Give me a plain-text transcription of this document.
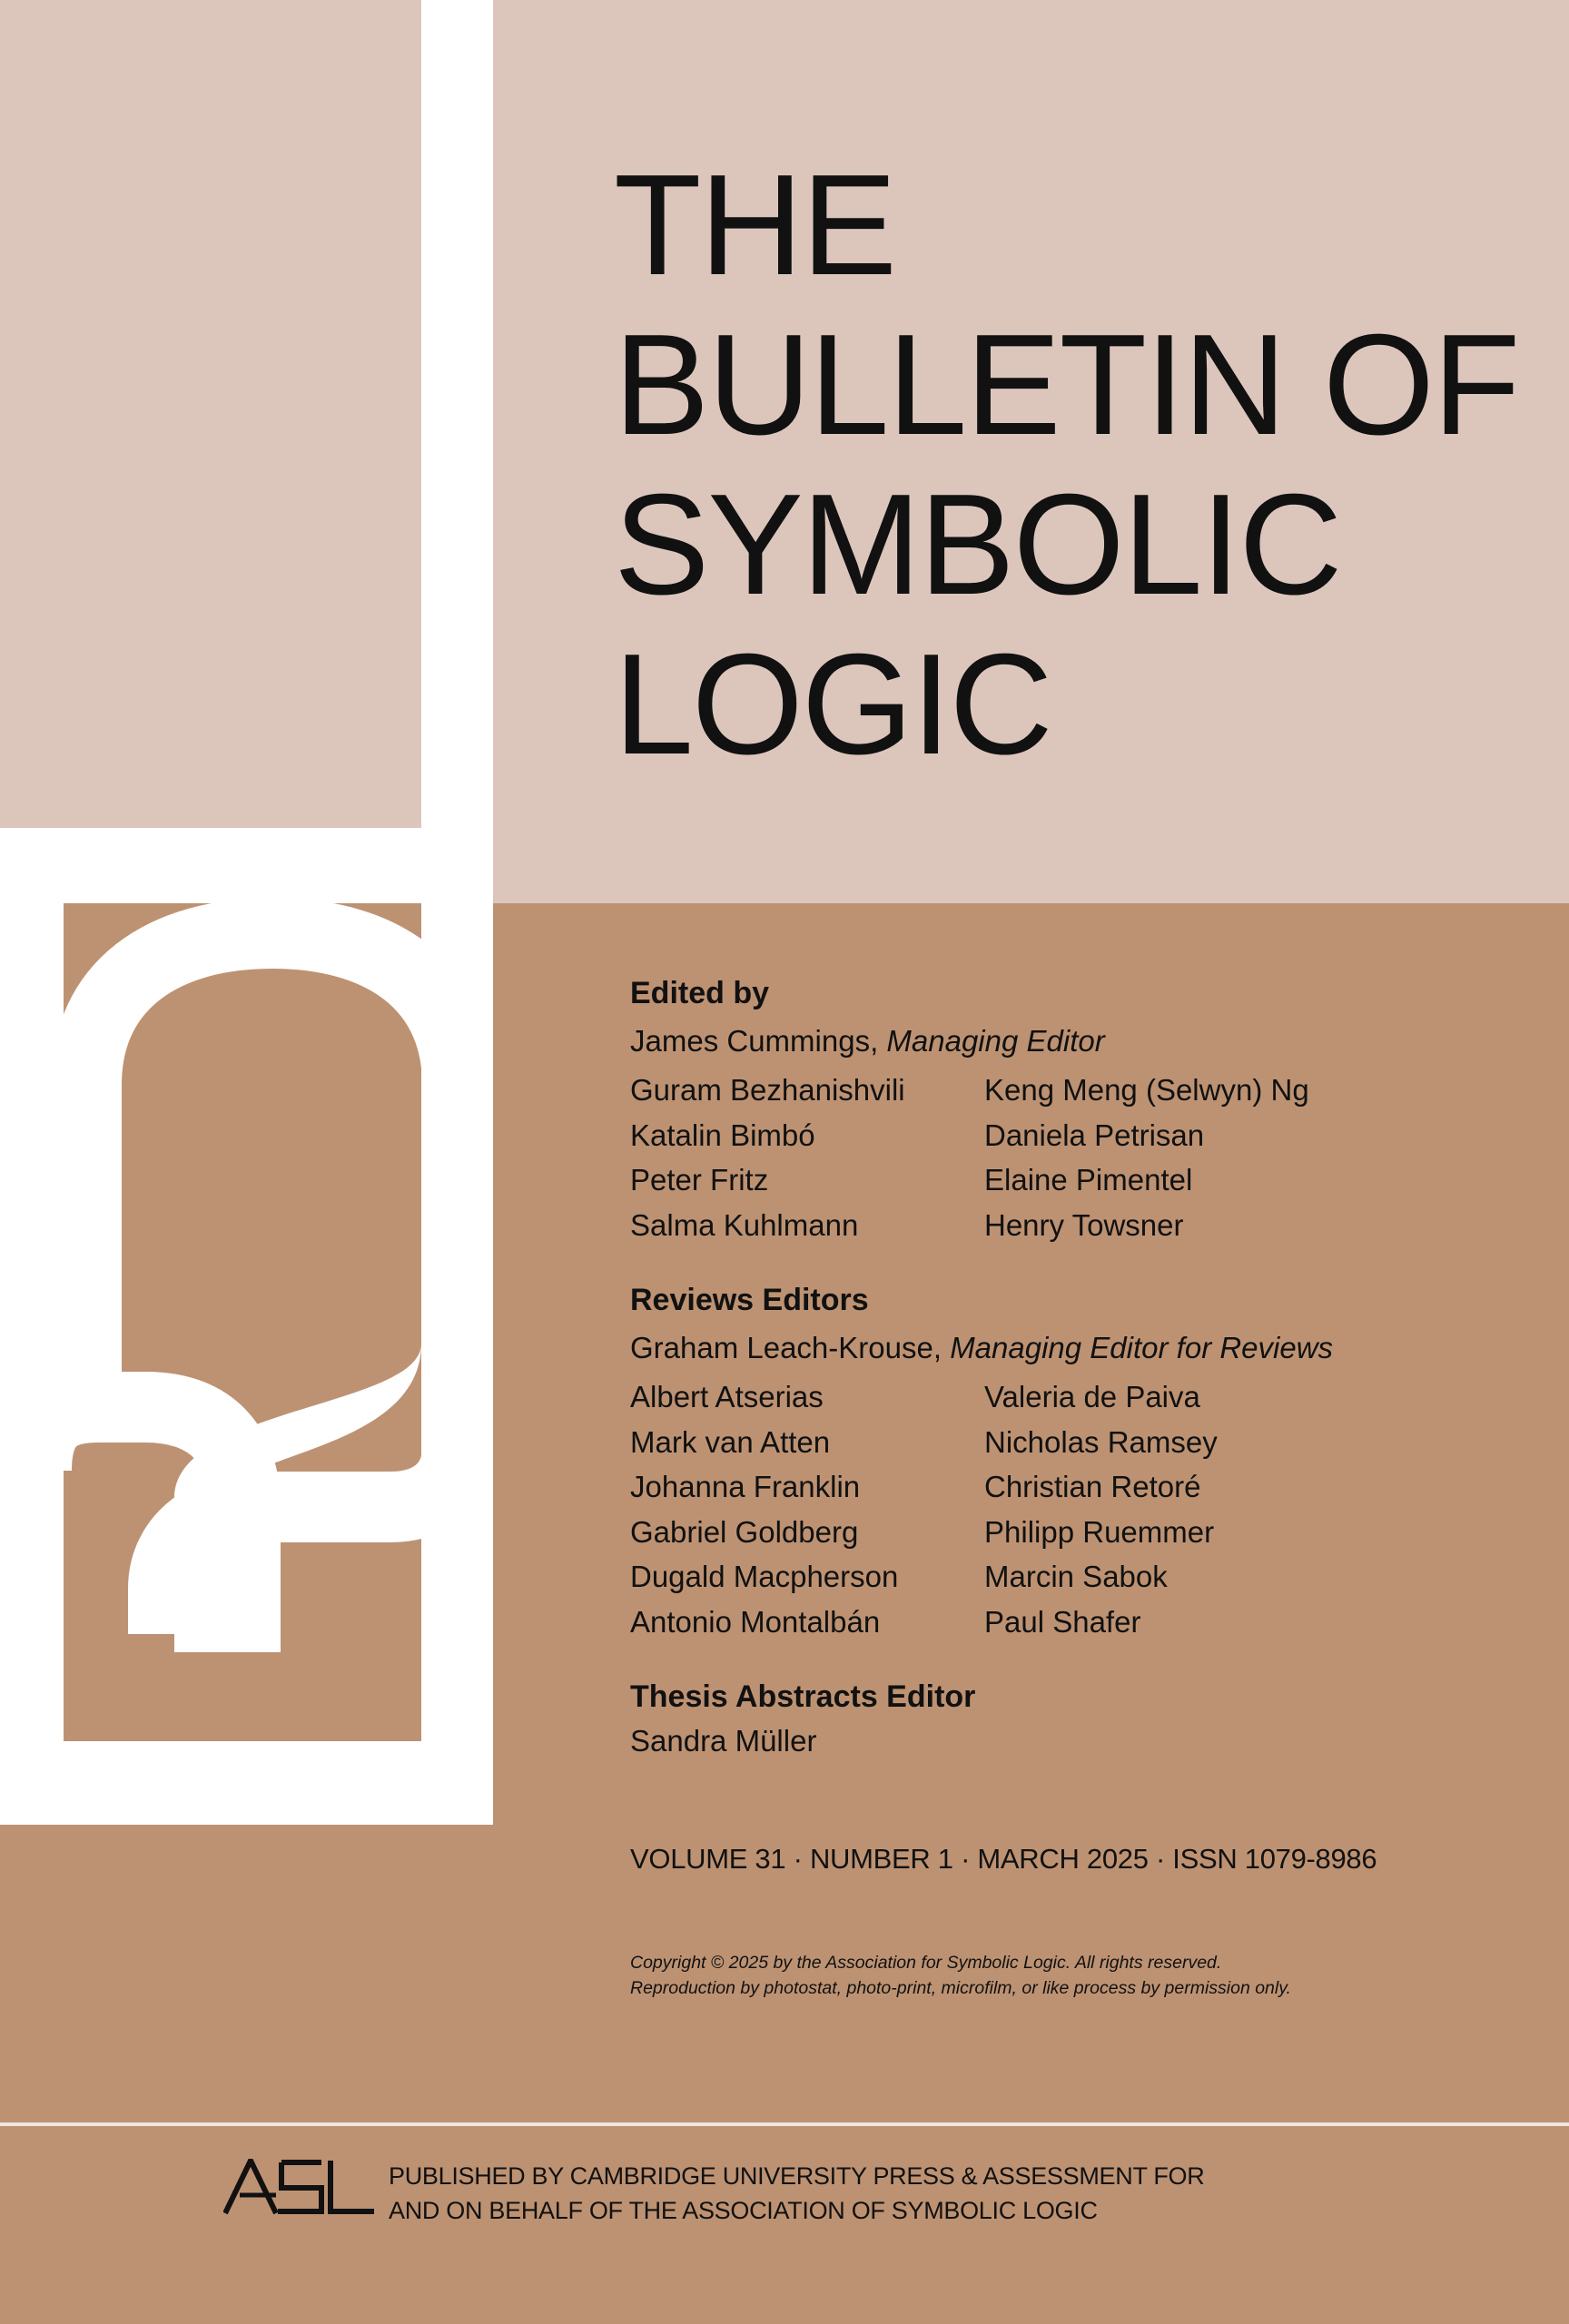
THE
BULLETIN OF
SYMBOLIC
LOGIC
Edited by
James Cummings, Managing Editor
Guram Bezhanishvili	Keng Meng (Selwyn) Ng
Katalin Bimbó	Daniela Petrisan
Peter Fritz	Elaine Pimentel
Salma Kuhlmann	Henry Towsner
Reviews Editors
Graham Leach-Krouse, Managing Editor for Reviews
Albert Atserias	Valeria de Paiva
Mark van Atten	Nicholas Ramsey
Johanna Franklin	Christian Retoré
Gabriel Goldberg	Philipp Ruemmer
Dugald Macpherson	Marcin Sabok
Antonio Montalbán	Paul Shafer
Thesis Abstracts Editor
Sandra Müller
VOLUME 31 · NUMBER 1 · MARCH 2025 · ISSN 1079-8986
Copyright © 2025 by the Association for Symbolic Logic. All rights reserved.
Reproduction by photostat, photo-print, microfilm, or like process by permission only.
PUBLISHED BY CAMBRIDGE UNIVERSITY PRESS & ASSESSMENT FOR
AND ON BEHALF OF THE ASSOCIATION OF SYMBOLIC LOGIC
